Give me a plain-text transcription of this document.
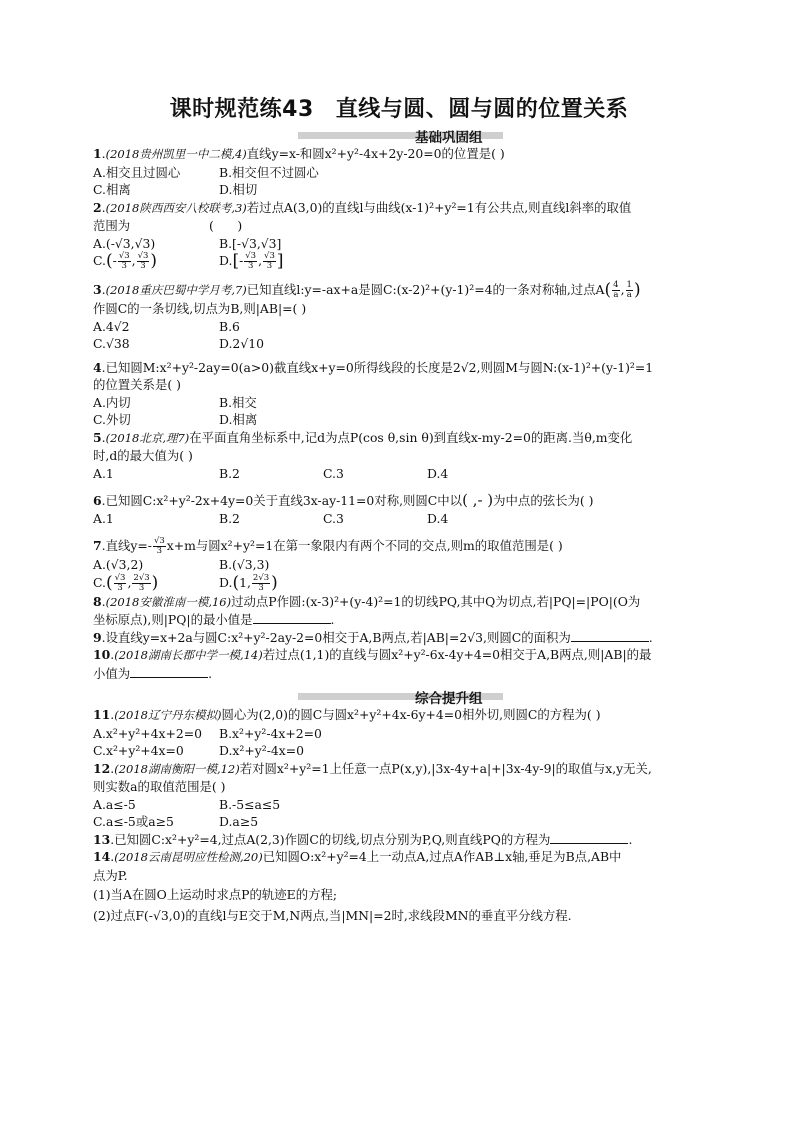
课时规范练43 直线与圆、圆与圆的位置关系
基础巩固组

1.(2018贵州凯里一中二模,4)直线y=x-和圆x²+y²-4x+2y-20=0的位置是( )

A.相交且过圆心	B.相交但不过圆心
C.相离	D.相切

2.(2018陕西西安八校联考,3)若过点A(3,0)的直线l与曲线(x-1)²+y²=1有公共点,则直线l斜率的取值

范围为                    (      )

A.(-√3,√3)	B.[-√3,√3]
$C.(- \frac{√3}{3}$ , $\frac{√3}{3}$ )	$D.[- \frac{√3}{3}$ , $\frac{√3}{3}$ ]

3.(2018重庆巴蜀中学月考,7)已知直线l:y=-ax+a是圆C:(x-2)²+(y-1)²=4的一条对称轴,过点$A( \frac{4}{a}$ , $\frac{1}{a}$ )

作圆C的一条切线,切点为B,则|AB|=( )

A.4√2	B.6
C.√38	D.2√10

4.已知圆M:x²+y²-2ay=0(a>0)截直线x+y=0所得线段的长度是2√2,则圆M与圆N:(x-1)²+(y-1)²=1

的位置关系是( )

A.内切	B.相交
C.外切	D.相离

5.(2018北京,理7)在平面直角坐标系中,记d为点P(cos θ,sin θ)到直线x-my-2=0的距离.当θ,m变化

时,d的最大值为( )

A.1	B.2	C.3	D.4

6.已知圆C:x²+y²-2x+4y=0关于直线3x-ay-11=0对称,则圆C中以( ,- )为中点的弦长为( )

A.1	B.2	C.3	D.4

7.直线$y=- \frac{√3}{3} x+m$与圆x²+y²=1在第一象限内有两个不同的交点,则m的取值范围是( )

A.(√3,2)	B.(√3,3)
$C.( \frac{√3}{3}$ , $\frac{2√3}{3}$ )	D.(1, $\frac{2√3}{3}$ )

8.(2018安徽淮南一模,16)过动点P作圆:(x-3)²+(y-4)²=1的切线PQ,其中Q为切点,若|PQ|=|PO|(O为

坐标原点),则|PQ|的最小值是	.

9.设直线y=x+2a与圆C:x²+y²-2ay-2=0相交于A,B两点,若|AB|=2√3,则圆C的面积为	.

10.(2018湖南长郡中学一模,14)若过点(1,1)的直线与圆x²+y²-6x-4y+4=0相交于A,B两点,则|AB|的最

小值为	.

综合提升组

11.(2018辽宁丹东模拟)圆心为(2,0)的圆C与圆x²+y²+4x-6y+4=0相外切,则圆C的方程为( )

A.x²+y²+4x+2=0	B.x²+y²-4x+2=0
C.x²+y²+4x=0	D.x²+y²-4x=0

12.(2018湖南衡阳一模,12)若对圆x²+y²=1上任意一点P(x,y),|3x-4y+a|+|3x-4y-9|的取值与x,y无关,

则实数a的取值范围是( )

A.a≤-5	B.-5≤a≤5
C.a≤-5或a≥5	D.a≥5

13.已知圆C:x²+y²=4,过点A(2,3)作圆C的切线,切点分别为P,Q,则直线PQ的方程为	.

14.(2018云南昆明应性检测,20)已知圆O:x²+y²=4上一动点A,过点A作AB⊥x轴,垂足为B点,AB中

点为P.

(1)当A在圆O上运动时求点P的轨迹E的方程;

(2)过点F(-√3,0)的直线l与E交于M,N两点,当|MN|=2时,求线段MN的垂直平分线方程.
